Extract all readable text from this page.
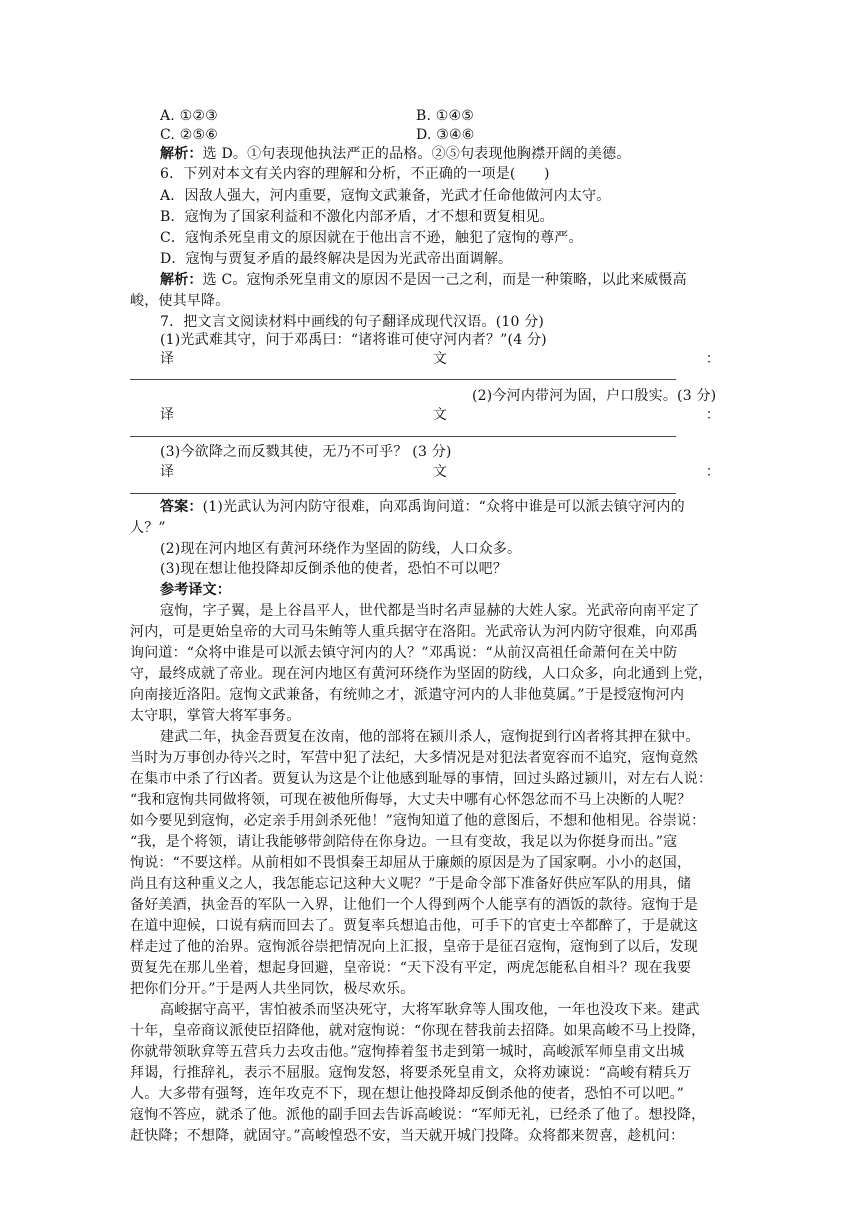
A. ①②③	B. ①④⑤
C. ②⑤⑥	D. ③④⑥
解析：选 D。①句表现他执法严正的品格。②⑤句表现他胸襟开阔的美德。
6．下列对本文有关内容的理解和分析，不正确的一项是(　　)
A．因敌人强大，河内重要，寇恂文武兼备，光武才任命他做河内太守。
B．寇恂为了国家利益和不激化内部矛盾，才不想和贾复相见。
C．寇恂杀死皇甫文的原因就在于他出言不逊，触犯了寇恂的尊严。
D．寇恂与贾复矛盾的最终解决是因为光武帝出面调解。
解析：选 C。寇恂杀死皇甫文的原因不是因一己之利，而是一种策略，以此来威慑高
峻，使其早降。
7．把文言文阅读材料中画线的句子翻译成现代汉语。(10 分)
(1)光武难其守，问于邓禹曰：“诸将谁可使守河内者？”(4 分)
译	文	：
(2)今河内带河为固，户口殷实。(3 分)
译	文	：
(3)今欲降之而反戮其使，无乃不可乎？ (3 分)
译	文	：
答案：(1)光武认为河内防守很难，向邓禹询问道：“众将中谁是可以派去镇守河内的
人？”
(2)现在河内地区有黄河环绕作为坚固的防线，人口众多。
(3)现在想让他投降却反倒杀他的使者，恐怕不可以吧？
参考译文：
寇恂，字子翼，是上谷昌平人，世代都是当时名声显赫的大姓人家。光武帝向南平定了
河内，可是更始皇帝的大司马朱鲔等人重兵据守在洛阳。光武帝认为河内防守很难，向邓禹
询问道：“众将中谁是可以派去镇守河内的人？”邓禹说：“从前汉高祖任命萧何在关中防
守，最终成就了帝业。现在河内地区有黄河环绕作为坚固的防线，人口众多，向北通到上党，
向南接近洛阳。寇恂文武兼备，有统帅之才，派遣守河内的人非他莫属。”于是授寇恂河内
太守职，掌管大将军事务。
建武二年，执金吾贾复在汝南，他的部将在颍川杀人，寇恂捉到行凶者将其押在狱中。
当时为万事创办待兴之时，军营中犯了法纪，大多情况是对犯法者宽容而不追究，寇恂竟然
在集市中杀了行凶者。贾复认为这是个让他感到耻辱的事情，回过头路过颍川，对左右人说：
“我和寇恂共同做将领，可现在被他所侮辱，大丈夫中哪有心怀怨忿而不马上决断的人呢？
如今要见到寇恂，必定亲手用剑杀死他！”寇恂知道了他的意图后，不想和他相见。谷崇说：
“我，是个将领，请让我能够带剑陪侍在你身边。一旦有变故，我足以为你挺身而出。”寇
恂说：“不要这样。从前相如不畏惧秦王却屈从于廉颇的原因是为了国家啊。小小的赵国，
尚且有这种重义之人，我怎能忘记这种大义呢？”于是命令部下准备好供应军队的用具，储
备好美酒，执金吾的军队一入界，让他们一个人得到两个人能享有的酒饭的款待。寇恂于是
在道中迎候，口说有病而回去了。贾复率兵想追击他，可手下的官吏士卒都醉了，于是就这
样走过了他的治界。寇恂派谷崇把情况向上汇报，皇帝于是征召寇恂，寇恂到了以后，发现
贾复先在那儿坐着，想起身回避，皇帝说：“天下没有平定，两虎怎能私自相斗？现在我要
把你们分开。”于是两人共坐同饮，极尽欢乐。
高峻据守高平，害怕被杀而坚决死守，大将军耿弇等人围攻他，一年也没攻下来。建武
十年，皇帝商议派使臣招降他，就对寇恂说：“你现在替我前去招降。如果高峻不马上投降，
你就带领耿弇等五营兵力去攻击他。”寇恂捧着玺书走到第一城时，高峻派军师皇甫文出城
拜谒，行推辞礼，表示不屈服。寇恂发怒，将要杀死皇甫文，众将劝谏说：“高峻有精兵万
人。大多带有强弩，连年攻克不下，现在想让他投降却反倒杀他的使者，恐怕不可以吧。”
寇恂不答应，就杀了他。派他的副手回去告诉高峻说：“军师无礼，已经杀了他了。想投降，
赶快降；不想降，就固守。”高峻惶恐不安，当天就开城门投降。众将都来贺喜，趁机问：
